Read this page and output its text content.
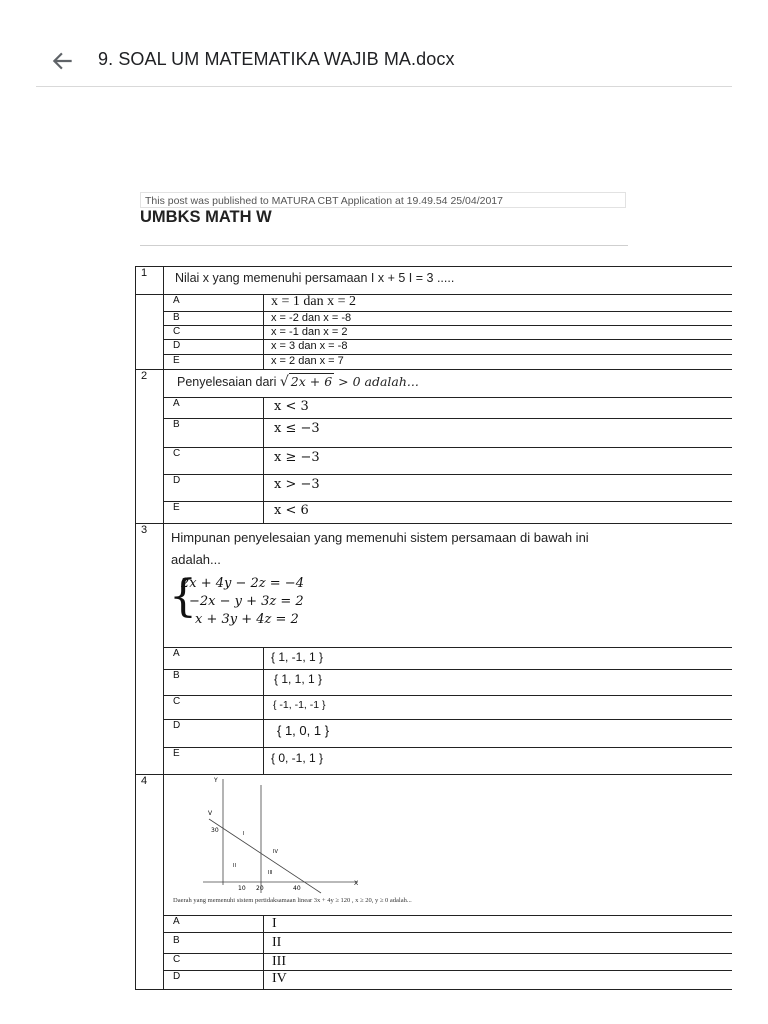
9. SOAL UM MATEMATIKA WAJIB MA.docx
This post was published to MATURA CBT Application at 19.49.54 25/04/2017
UMBKS MATH W
1 Nilai x yang memenuhi persamaan I x + 5 I = 3 .....
A	x = 1 dan x = 2
B	x = -2 dan x = -8
C	x = -1 dan x = 2
D	x = 3 dan x = -8
E	x = 2 dan x = 7
2 Penyelesaian dari √ 2x + 6 > 0 adalah...
A	x < 3
B	x ≤ −3
C	x ≥ −3
D	x > −3
E	x < 6
3 Himpunan penyelesaian yang memenuhi sistem persamaan di bawah ini
adalah...
{
2x + 4y − 2z = −4
−2x − y + 3z = 2
x + 3y + 4z = 2
A	{ 1, -1, 1 }
B	{ 1, 1, 1 }
C	{ -1, -1, -1 }
D	{ 1, 0, 1 }
E	{ 0, -1, 1 }
4	Y
X
V
30
10 20	40
I
II
III
IV
Daerah yang memenuhi sistem pertidaksamaan linear 3x + 4y ≥ 120 , x ≥ 20, y ≥ 0 adalah...
A	I
B	II
C	III
D	IV
